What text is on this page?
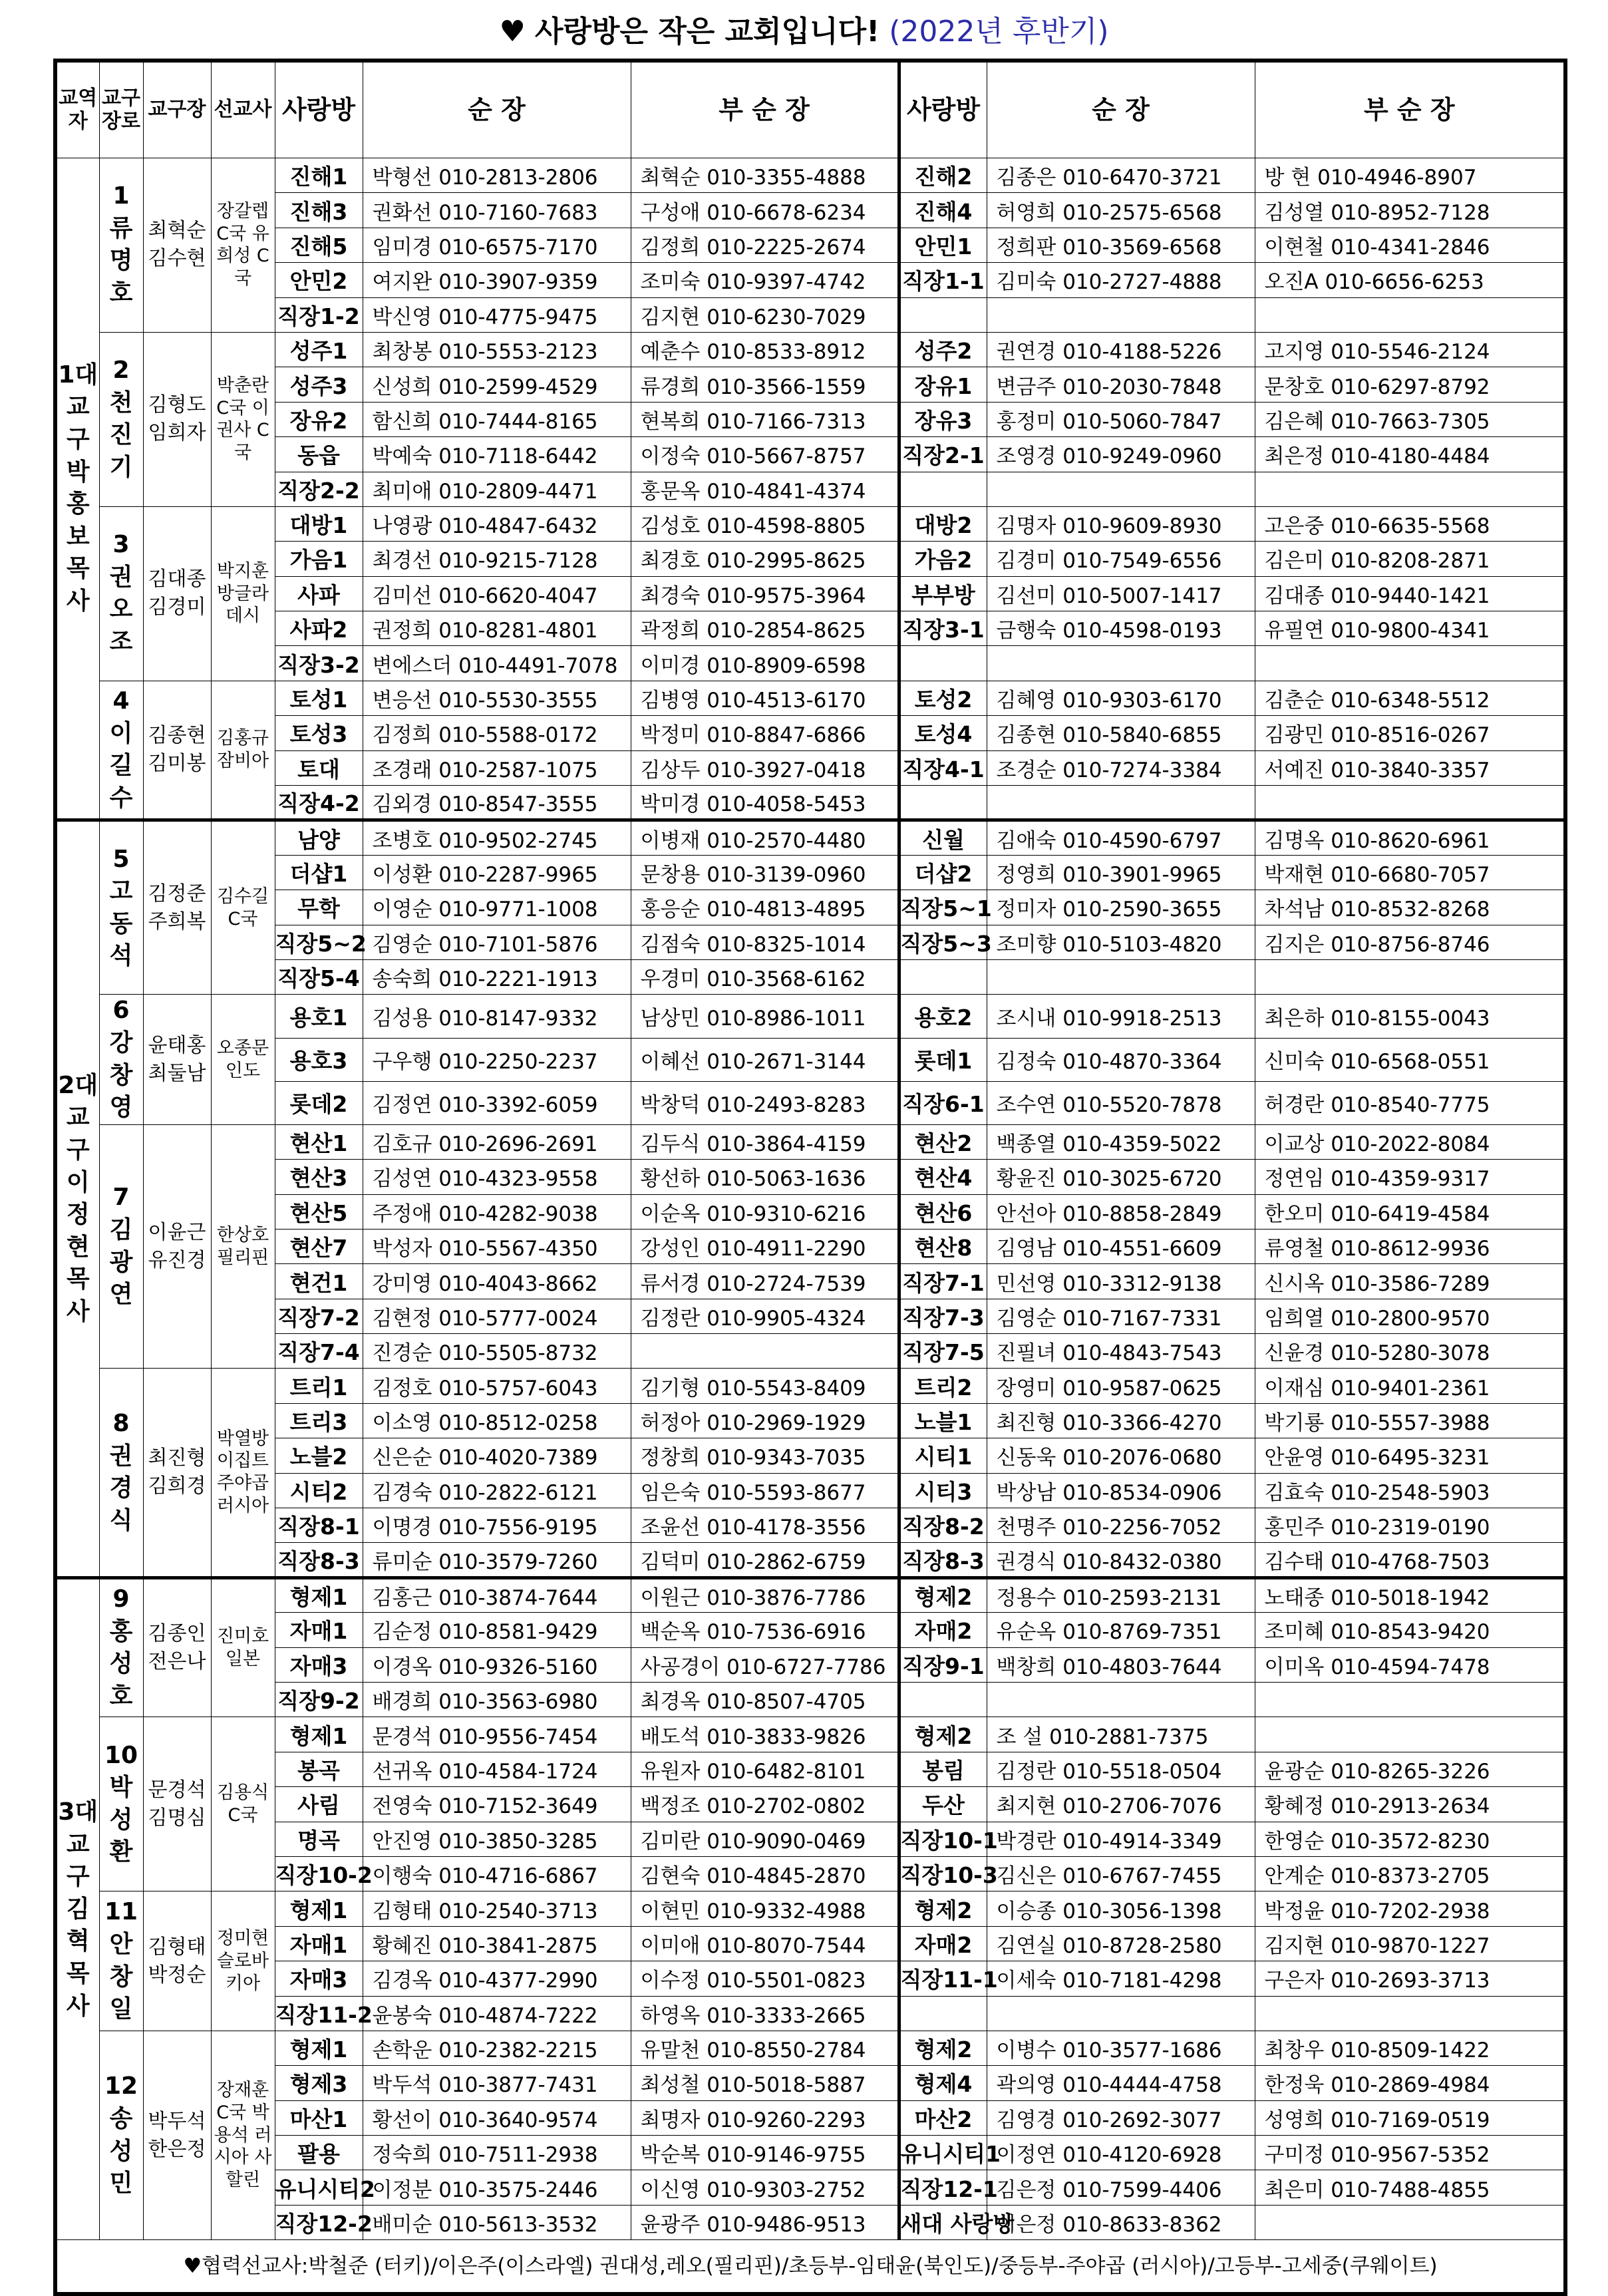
♥ 사랑방은 작은 교회입니다! (2022년 후반기)
교역자	교구장로	교구장	선교사	사랑방	순 장	부 순 장	사랑방	순 장	부 순 장
1대교구 박홍보 목사	1 류명호	최혁순 김수현	장갈렙 C국 유희성 C국	진해1	박형선 010-2813-2806	최혁순 010-3355-4888	진해2	김종은 010-6470-3721	방 현 010-4946-8907
				진해3	권화선 010-7160-7683	구성애 010-6678-6234	진해4	허영희 010-2575-6568	김성열 010-8952-7128
				진해5	임미경 010-6575-7170	김정희 010-2225-2674	안민1	정희판 010-3569-6568	이현철 010-4341-2846
				안민2	여지완 010-3907-9359	조미숙 010-9397-4742	직장1-1	김미숙 010-2727-4888	오진A 010-6656-6253
				직장1-2	박신영 010-4775-9475	김지현 010-6230-7029			
	2 천진기	김형도 임희자	박춘란 C국 이권사 C국	성주1	최창봉 010-5553-2123	예춘수 010-8533-8912	성주2	권연경 010-4188-5226	고지영 010-5546-2124
				성주3	신성희 010-2599-4529	류경희 010-3566-1559	장유1	변금주 010-2030-7848	문창호 010-6297-8792
				장유2	함신희 010-7444-8165	현복희 010-7166-7313	장유3	홍정미 010-5060-7847	김은혜 010-7663-7305
				동읍	박예숙 010-7118-6442	이정숙 010-5667-8757	직장2-1	조영경 010-9249-0960	최은정 010-4180-4484
				직장2-2	최미애 010-2809-4471	홍문옥 010-4841-4374			
	3 권오조	김대종 김경미	박지훈 방글라데시	대방1	나영광 010-4847-6432	김성호 010-4598-8805	대방2	김명자 010-9609-8930	고은중 010-6635-5568
				가음1	최경선 010-9215-7128	최경호 010-2995-8625	가음2	김경미 010-7549-6556	김은미 010-8208-2871
				사파	김미선 010-6620-4047	최경숙 010-9575-3964	부부방	김선미 010-5007-1417	김대종 010-9440-1421
				사파2	권정희 010-8281-4801	곽정희 010-2854-8625	직장3-1	금행숙 010-4598-0193	유필연 010-9800-4341
				직장3-2	변에스더 010-4491-7078	이미경 010-8909-6598			
	4 이길수	김종현 김미봉	김홍규 잠비아	토성1	변응선 010-5530-3555	김병영 010-4513-6170	토성2	김혜영 010-9303-6170	김춘순 010-6348-5512
				토성3	김정희 010-5588-0172	박정미 010-8847-6866	토성4	김종현 010-5840-6855	김광민 010-8516-0267
				토대	조경래 010-2587-1075	김상두 010-3927-0418	직장4-1	조경순 010-7274-3384	서예진 010-3840-3357
				직장4-2	김외경 010-8547-3555	박미경 010-4058-5453			
2대교구 이정현 목사	5 고동석	김정준 주희복	김수길 C국	남양	조병호 010-9502-2745	이병재 010-2570-4480	신월	김애숙 010-4590-6797	김명옥 010-8620-6961
				더샵1	이성환 010-2287-9965	문창용 010-3139-0960	더샵2	정영희 010-3901-9965	박재현 010-6680-7057
				무학	이영순 010-9771-1008	홍응순 010-4813-4895	직장5~1	정미자 010-2590-3655	차석남 010-8532-8268
				직장5~2	김영순 010-7101-5876	김점숙 010-8325-1014	직장5~3	조미향 010-5103-4820	김지은 010-8756-8746
				직장5-4	송숙희 010-2221-1913	우경미 010-3568-6162			
	6 강창영	윤태홍 최둘남	오종문 인도	용호1	김성용 010-8147-9332	남상민 010-8986-1011	용호2	조시내 010-9918-2513	최은하 010-8155-0043
				용호3	구우행 010-2250-2237	이혜선 010-2671-3144	롯데1	김정숙 010-4870-3364	신미숙 010-6568-0551
				롯데2	김정연 010-3392-6059	박창덕 010-2493-8283	직장6-1	조수연 010-5520-7878	허경란 010-8540-7775
	7 김광연	이윤근 유진경	한상호 필리핀	현산1	김호규 010-2696-2691	김두식 010-3864-4159	현산2	백종열 010-4359-5022	이교상 010-2022-8084
				현산3	김성연 010-4323-9558	황선하 010-5063-1636	현산4	황윤진 010-3025-6720	정연임 010-4359-9317
				현산5	주정애 010-4282-9038	이순옥 010-9310-6216	현산6	안선아 010-8858-2849	한오미 010-6419-4584
				현산7	박성자 010-5567-4350	강성인 010-4911-2290	현산8	김영남 010-4551-6609	류영철 010-8612-9936
				현건1	강미영 010-4043-8662	류서경 010-2724-7539	직장7-1	민선영 010-3312-9138	신시옥 010-3586-7289
				직장7-2	김현정 010-5777-0024	김정란 010-9905-4324	직장7-3	김영순 010-7167-7331	임희열 010-2800-9570
				직장7-4	진경순 010-5505-8732		직장7-5	진필녀 010-4843-7543	신윤경 010-5280-3078
	8 권경식	최진형 김희경	박열방 이집트 주야곱 러시아	트리1	김정호 010-5757-6043	김기형 010-5543-8409	트리2	장영미 010-9587-0625	이재심 010-9401-2361
				트리3	이소영 010-8512-0258	허정아 010-2969-1929	노블1	최진형 010-3366-4270	박기룡 010-5557-3988
				노블2	신은순 010-4020-7389	정창희 010-9343-7035	시티1	신동욱 010-2076-0680	안윤영 010-6495-3231
				시티2	김경숙 010-2822-6121	임은숙 010-5593-8677	시티3	박상남 010-8534-0906	김효숙 010-2548-5903
				직장8-1	이명경 010-7556-9195	조윤선 010-4178-3556	직장8-2	천명주 010-2256-7052	홍민주 010-2319-0190
				직장8-3	류미순 010-3579-7260	김덕미 010-2862-6759	직장8-3	권경식 010-8432-0380	김수태 010-4768-7503
3대교구 김혁 목사	9 홍성호	김종인 전은나	진미호 일본	형제1	김홍근 010-3874-7644	이원근 010-3876-7786	형제2	정용수 010-2593-2131	노태종 010-5018-1942
				자매1	김순정 010-8581-9429	백순옥 010-7536-6916	자매2	유순옥 010-8769-7351	조미혜 010-8543-9420
				자매3	이경옥 010-9326-5160	사공경이 010-6727-7786	직장9-1	백창희 010-4803-7644	이미옥 010-4594-7478
				직장9-2	배경희 010-3563-6980	최경옥 010-8507-4705			
	10 박성환	문경석 김명심	김용식 C국	형제1	문경석 010-9556-7454	배도석 010-3833-9826	형제2	조 설 010-2881-7375	
				봉곡	선귀옥 010-4584-1724	유원자 010-6482-8101	봉림	김정란 010-5518-0504	윤광순 010-8265-3226
				사림	전영숙 010-7152-3649	백정조 010-2702-0802	두산	최지현 010-2706-7076	황혜정 010-2913-2634
				명곡	안진영 010-3850-3285	김미란 010-9090-0469	직장10-1	박경란 010-4914-3349	한영순 010-3572-8230
				직장10-2	이행숙 010-4716-6867	김현숙 010-4845-2870	직장10-3	김신은 010-6767-7455	안계순 010-8373-2705
	11 안창일	김형태 박정순	정미현 슬로바키아	형제1	김형태 010-2540-3713	이현민 010-9332-4988	형제2	이승종 010-3056-1398	박정윤 010-7202-2938
				자매1	황혜진 010-3841-2875	이미애 010-8070-7544	자매2	김연실 010-8728-2580	김지현 010-9870-1227
				자매3	김경옥 010-4377-2990	이수정 010-5501-0823	직장11-1	이세숙 010-7181-4298	구은자 010-2693-3713
				직장11-2	윤봉숙 010-4874-7222	하영옥 010-3333-2665			
	12 송성민	박두석 한은정	장재훈 C국 박용석 러시아 사할린	형제1	손학운 010-2382-2215	유말천 010-8550-2784	형제2	이병수 010-3577-1686	최창우 010-8509-1422
				형제3	박두석 010-3877-7431	최성철 010-5018-5887	형제4	곽의영 010-4444-4758	한정욱 010-2869-4984
				마산1	황선이 010-3640-9574	최명자 010-9260-2293	마산2	김영경 010-2692-3077	성영희 010-7169-0519
				팔용	정숙희 010-7511-2938	박순복 010-9146-9755	유니시티1	이정연 010-4120-6928	구미정 010-9567-5352
				유니시티2	이정분 010-3575-2446	이신영 010-9303-2752	직장12-1	김은정 010-7599-4406	최은미 010-7488-4855
				직장12-2	배미순 010-5613-3532	윤광주 010-9486-9513	새대 사랑방	이은정 010-8633-8362	
♥협력선교사:박철준 (터키)/이은주(이스라엘) 권대성,레오(필리핀)/초등부-임태윤(북인도)/중등부-주야곱 (러시아)/고등부-고세중(쿠웨이트)									
